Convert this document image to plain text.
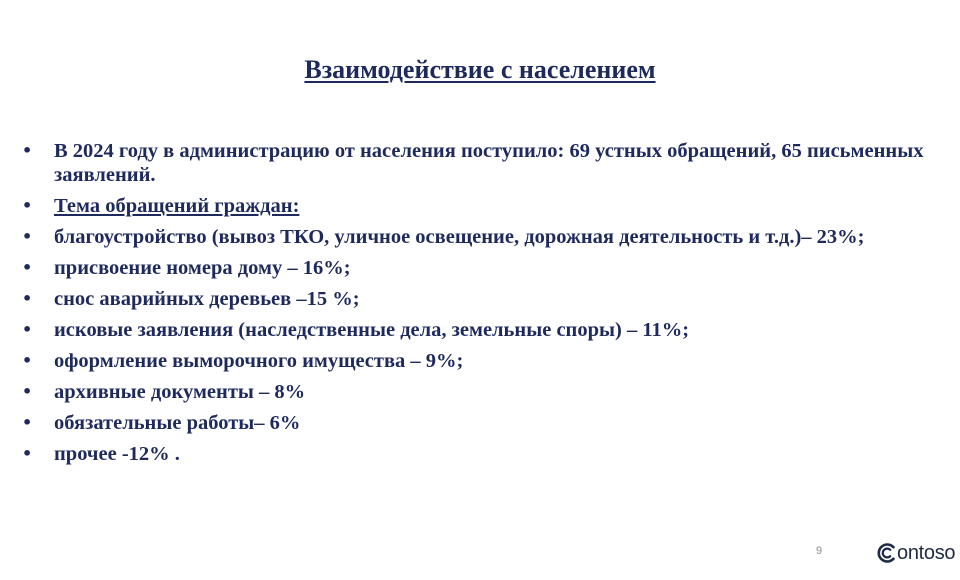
Взаимодействие с населением
• В 2024 году в администрацию от населения поступило: 69 устных обращений, 65 письменных заявлений.
• Тема обращений граждан:
• благоустройство (вывоз ТКО, уличное освещение, дорожная деятельность и т.д.)– 23%;
• присвоение номера дому – 16%;
• снос аварийных деревьев –15 %;
• исковые заявления (наследственные дела, земельные споры) – 11%;
• оформление выморочного имущества – 9%;
• архивные документы – 8%
• обязательные работы– 6%
• прочее -12% .
9	ontoso
